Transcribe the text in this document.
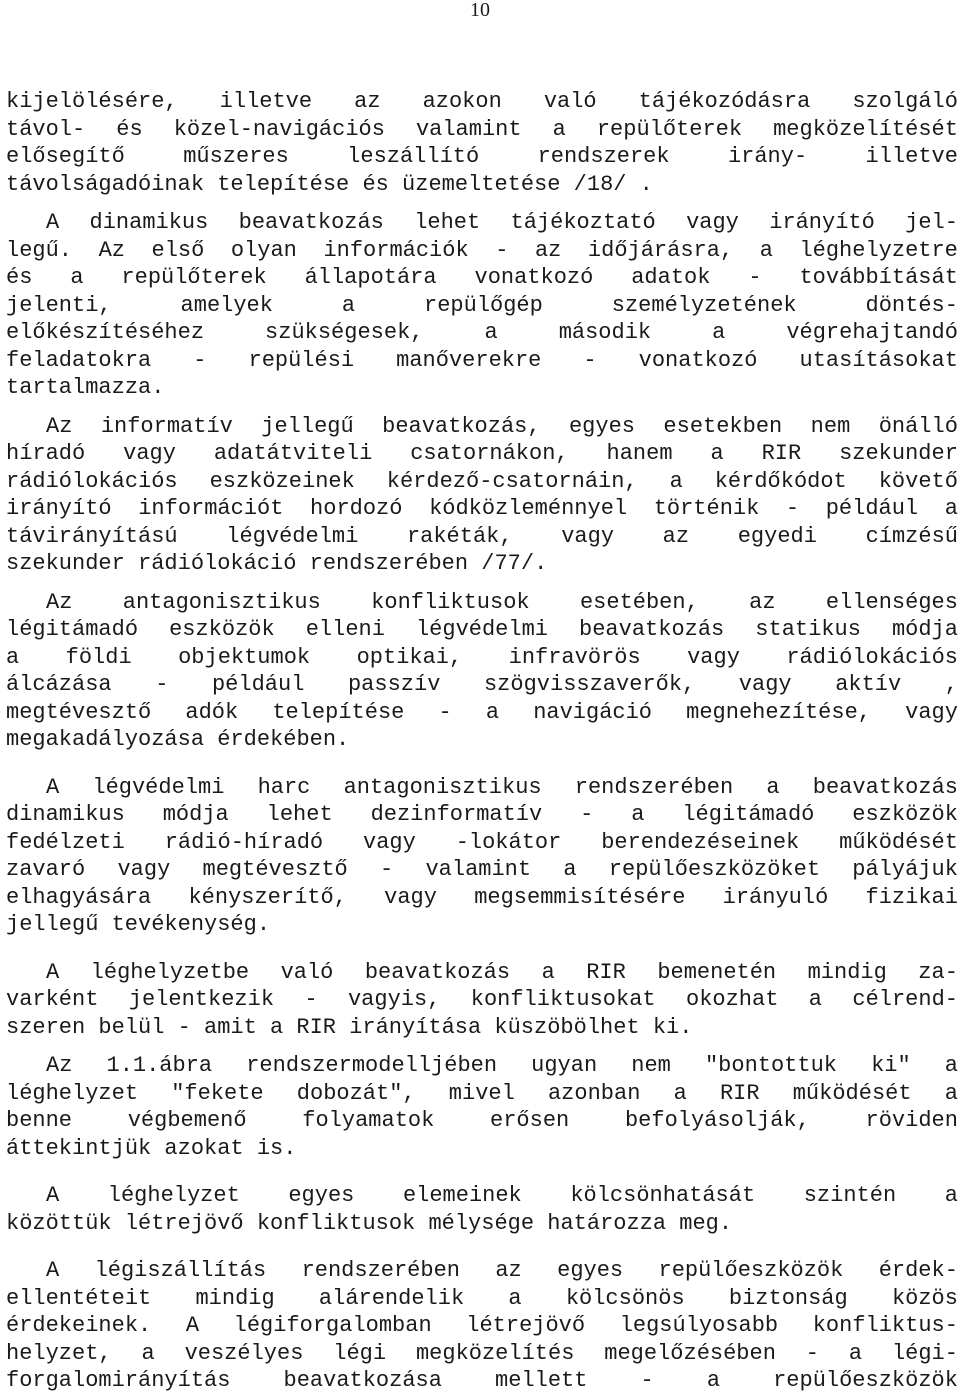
10
kijelölésére, illetve az azokon való tájékozódásra szolgáló
távol- és közel-navigációs valamint a repülőterek megközelítését
elősegítő	műszeres	leszállító	rendszerek	irány-	illetve
távolságadóinak telepítése és üzemeltetése /18/ .
A dinamikus beavatkozás lehet tájékoztató vagy irányító jel-
legű. Az első olyan információk - az időjárásra, a léghelyzetre
és a repülőterek állapotára vonatkozó adatok - továbbítását
jelenti,	amelyek	a	repülőgép	személyzetének	döntés-
előkészítéséhez	szükségesek,	a	második	a	végrehajtandó
feladatokra - repülési manőverekre - vonatkozó utasításokat
tartalmazza.
Az informatív jellegű beavatkozás, egyes esetekben nem önálló
híradó vagy adatátviteli csatornákon, hanem a RIR szekunder
rádiólokációs eszközeinek kérdező-csatornáin, a kérdőkódot követő
irányító információt hordozó kódközleménnyel történik - például a
távirányítású légvédelmi rakéták, vagy az egyedi címzésű
szekunder rádiólokáció rendszerében /77/.
Az antagonisztikus konfliktusok esetében, az ellenséges
légitámadó eszközök elleni légvédelmi beavatkozás statikus módja
a földi objektumok optikai, infravörös vagy rádiólokációs
álcázása - például passzív szögvisszaverők, vagy aktív ,
megtévesztő adók telepítése - a navigáció megnehezítése, vagy
megakadályozása érdekében.
A légvédelmi harc antagonisztikus rendszerében a beavatkozás
dinamikus módja lehet dezinformatív - a légitámadó eszközök
fedélzeti rádió-híradó vagy -lokátor berendezéseinek működését
zavaró vagy megtévesztő - valamint a repülőeszközöket pályájuk
elhagyására kényszerítő, vagy megsemmisítésére irányuló fizikai
jellegű tevékenység.
A léghelyzetbe való beavatkozás a RIR bemenetén mindig za-
varként jelentkezik - vagyis, konfliktusokat okozhat a célrend-
szeren belül - amit a RIR irányítása küszöbölhet ki.
Az 1.1.ábra rendszermodelljében ugyan nem "bontottuk ki" a
léghelyzet "fekete dobozát", mivel azonban a RIR működését a
benne	végbemenő	folyamatok	erősen	befolyásolják,	röviden
áttekintjük azokat is.
A léghelyzet egyes elemeinek kölcsönhatását szintén a
közöttük létrejövő konfliktusok mélysége határozza meg.
A légiszállítás rendszerében az egyes repülőeszközök érdek-
ellentéteit mindig alárendelik a kölcsönös biztonság közös
érdekeinek. A légiforgalomban létrejövő legsúlyosabb konfliktus-
helyzet, a veszélyes légi megközelítés megelőzésében - a légi-
forgalomirányítás beavatkozása mellett - a repülőeszközök
